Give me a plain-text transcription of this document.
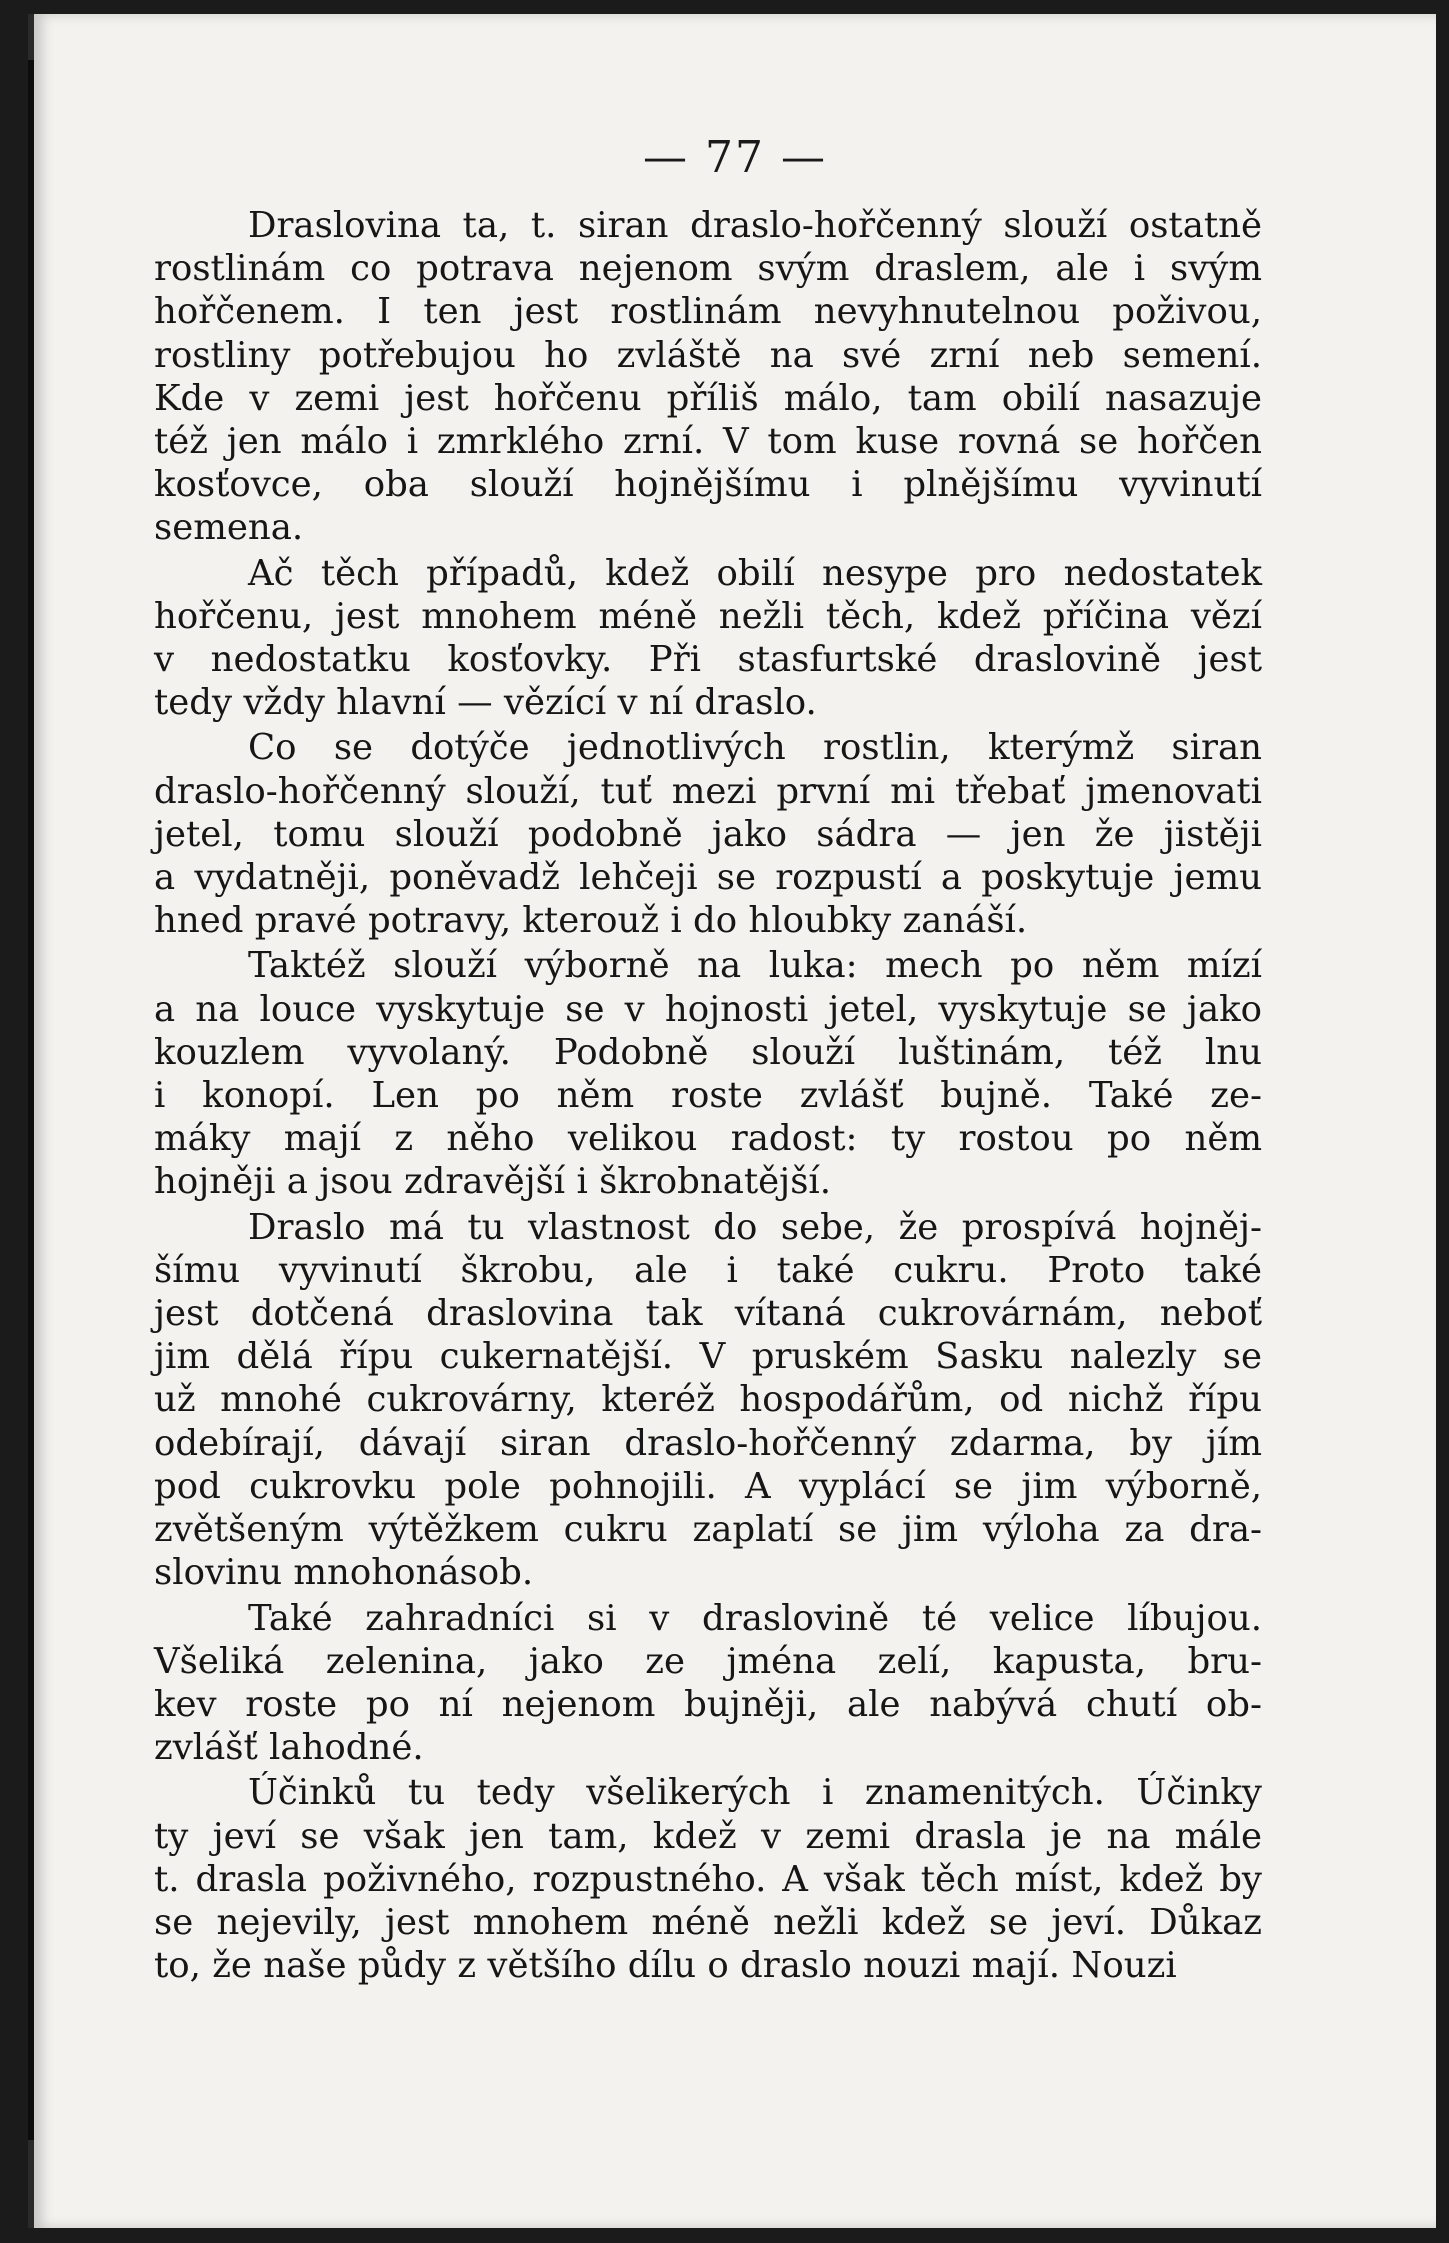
— 77 —
Draslovina ta, t. siran draslo-hořčenný slouží ostatně
rostlinám co potrava nejenom svým draslem, ale i svým
hořčenem. I ten jest rostlinám nevyhnutelnou poživou,
rostliny potřebujou ho zvláště na své zrní neb semení.
Kde v zemi jest hořčenu příliš málo, tam obilí nasazuje
též jen málo i zmrklého zrní. V tom kuse rovná se hořčen
kosťovce, oba slouží hojnějšímu i plnějšímu vyvinutí
semena.
Ač těch případů, kdež obilí nesype pro nedostatek
hořčenu, jest mnohem méně nežli těch, kdež příčina vězí
v nedostatku kosťovky. Při stasfurtské draslovině jest
tedy vždy hlavní — vězící v ní draslo.
Co se dotýče jednotlivých rostlin, kterýmž siran
draslo-hořčenný slouží, tuť mezi první mi třebať jmenovati
jetel, tomu slouží podobně jako sádra — jen že jistěji
a vydatněji, poněvadž lehčeji se rozpustí a poskytuje jemu
hned pravé potravy, kterouž i do hloubky zanáší.
Taktéž slouží výborně na luka: mech po něm mízí
a na louce vyskytuje se v hojnosti jetel, vyskytuje se jako
kouzlem vyvolaný. Podobně slouží luštinám, též lnu
i konopí. Len po něm roste zvlášť bujně. Také ze-
máky mají z něho velikou radost: ty rostou po něm
hojněji a jsou zdravější i škrobnatější.
Draslo má tu vlastnost do sebe, že prospívá hojněj-
šímu vyvinutí škrobu, ale i také cukru. Proto také
jest dotčená draslovina tak vítaná cukrovárnám, neboť
jim dělá řípu cukernatější. V pruském Sasku nalezly se
už mnohé cukrovárny, kteréž hospodářům, od nichž řípu
odebírají, dávají siran draslo-hořčenný zdarma, by jím
pod cukrovku pole pohnojili. A vyplácí se jim výborně,
zvětšeným výtěžkem cukru zaplatí se jim výloha za dra-
slovinu mnohonásob.
Také zahradníci si v draslovině té velice líbujou.
Všeliká zelenina, jako ze jména zelí, kapusta, bru-
kev roste po ní nejenom bujněji, ale nabývá chutí ob-
zvlášť lahodné.
Účinků tu tedy všelikerých i znamenitých. Účinky
ty jeví se však jen tam, kdež v zemi drasla je na mále
t. drasla poživného, rozpustného. A však těch míst, kdež by
se nejevily, jest mnohem méně nežli kdež se jeví. Důkaz
to, že naše půdy z většího dílu o draslo nouzi mají. Nouzi
